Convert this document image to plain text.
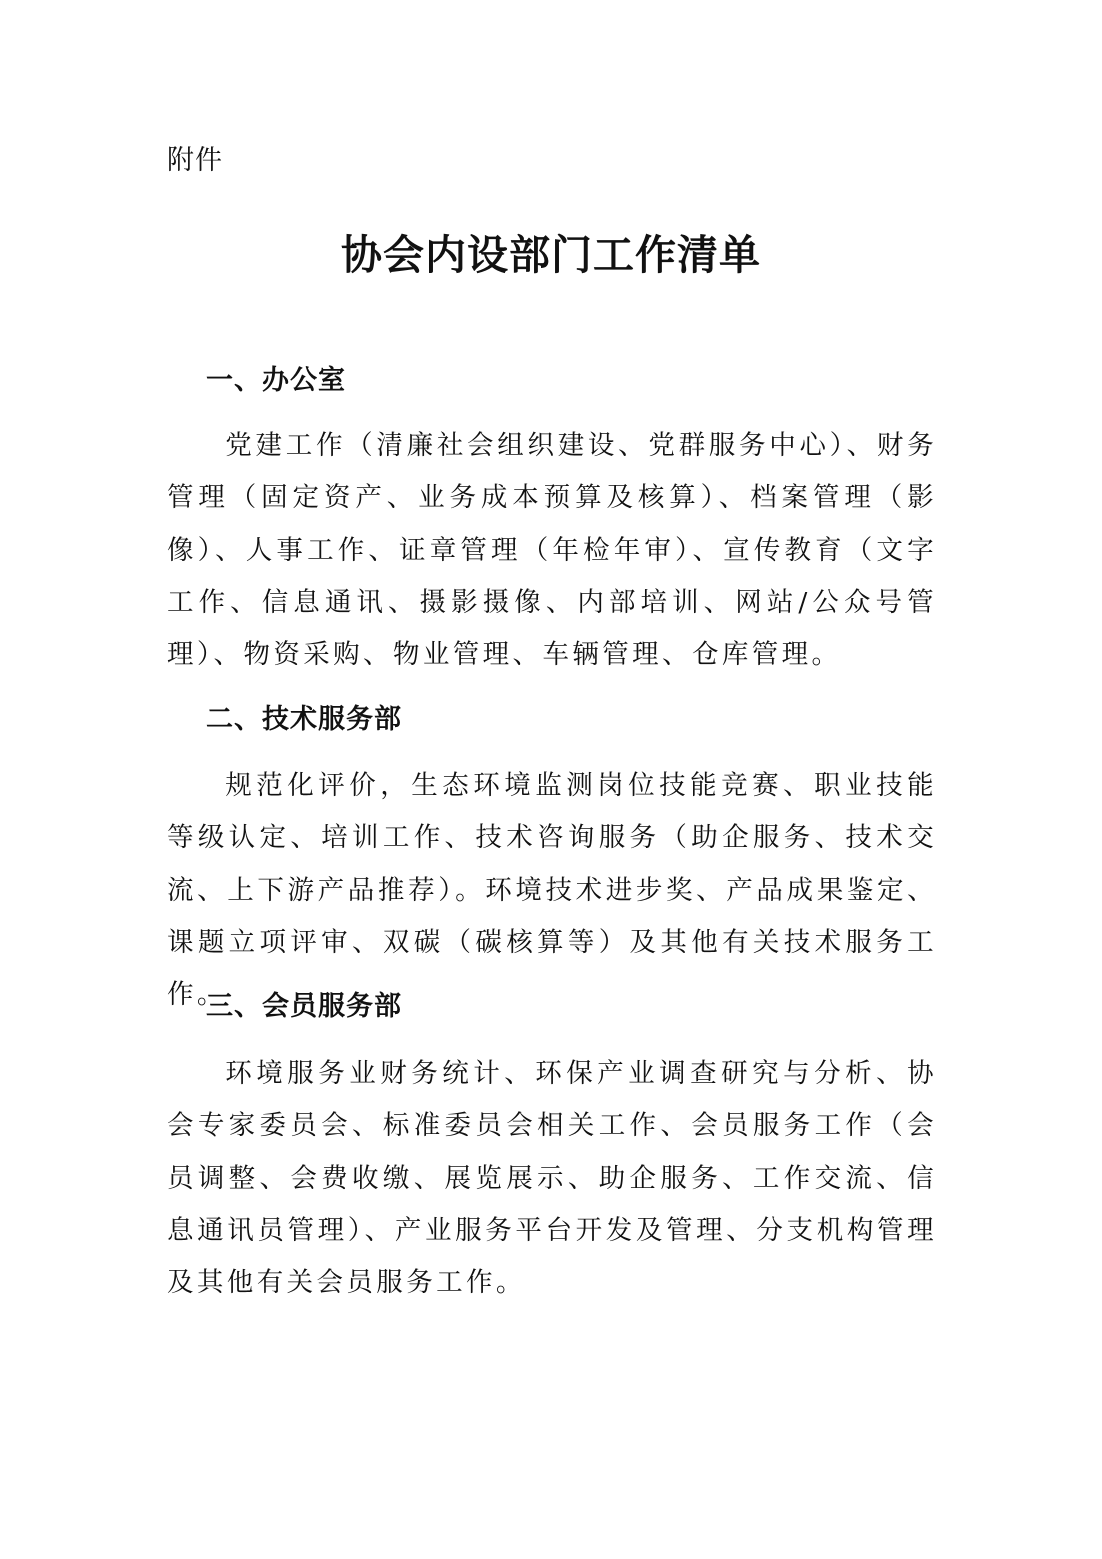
附件
协会内设部门工作清单
一、办公室
党建工作（清廉社会组织建设、党群服务中心）、财务管理（固定资产、业务成本预算及核算）、档案管理（影像）、人事工作、证章管理（年检年审）、宣传教育（文字工作、信息通讯、摄影摄像、内部培训、网站/公众号管理）、物资采购、物业管理、车辆管理、仓库管理。
二、技术服务部
规范化评价，生态环境监测岗位技能竞赛、职业技能等级认定、培训工作、技术咨询服务（助企服务、技术交流、上下游产品推荐）。环境技术进步奖、产品成果鉴定、课题立项评审、双碳（碳核算等）及其他有关技术服务工作。
三、会员服务部
环境服务业财务统计、环保产业调查研究与分析、协会专家委员会、标准委员会相关工作、会员服务工作（会员调整、会费收缴、展览展示、助企服务、工作交流、信息通讯员管理）、产业服务平台开发及管理、分支机构管理及其他有关会员服务工作。
